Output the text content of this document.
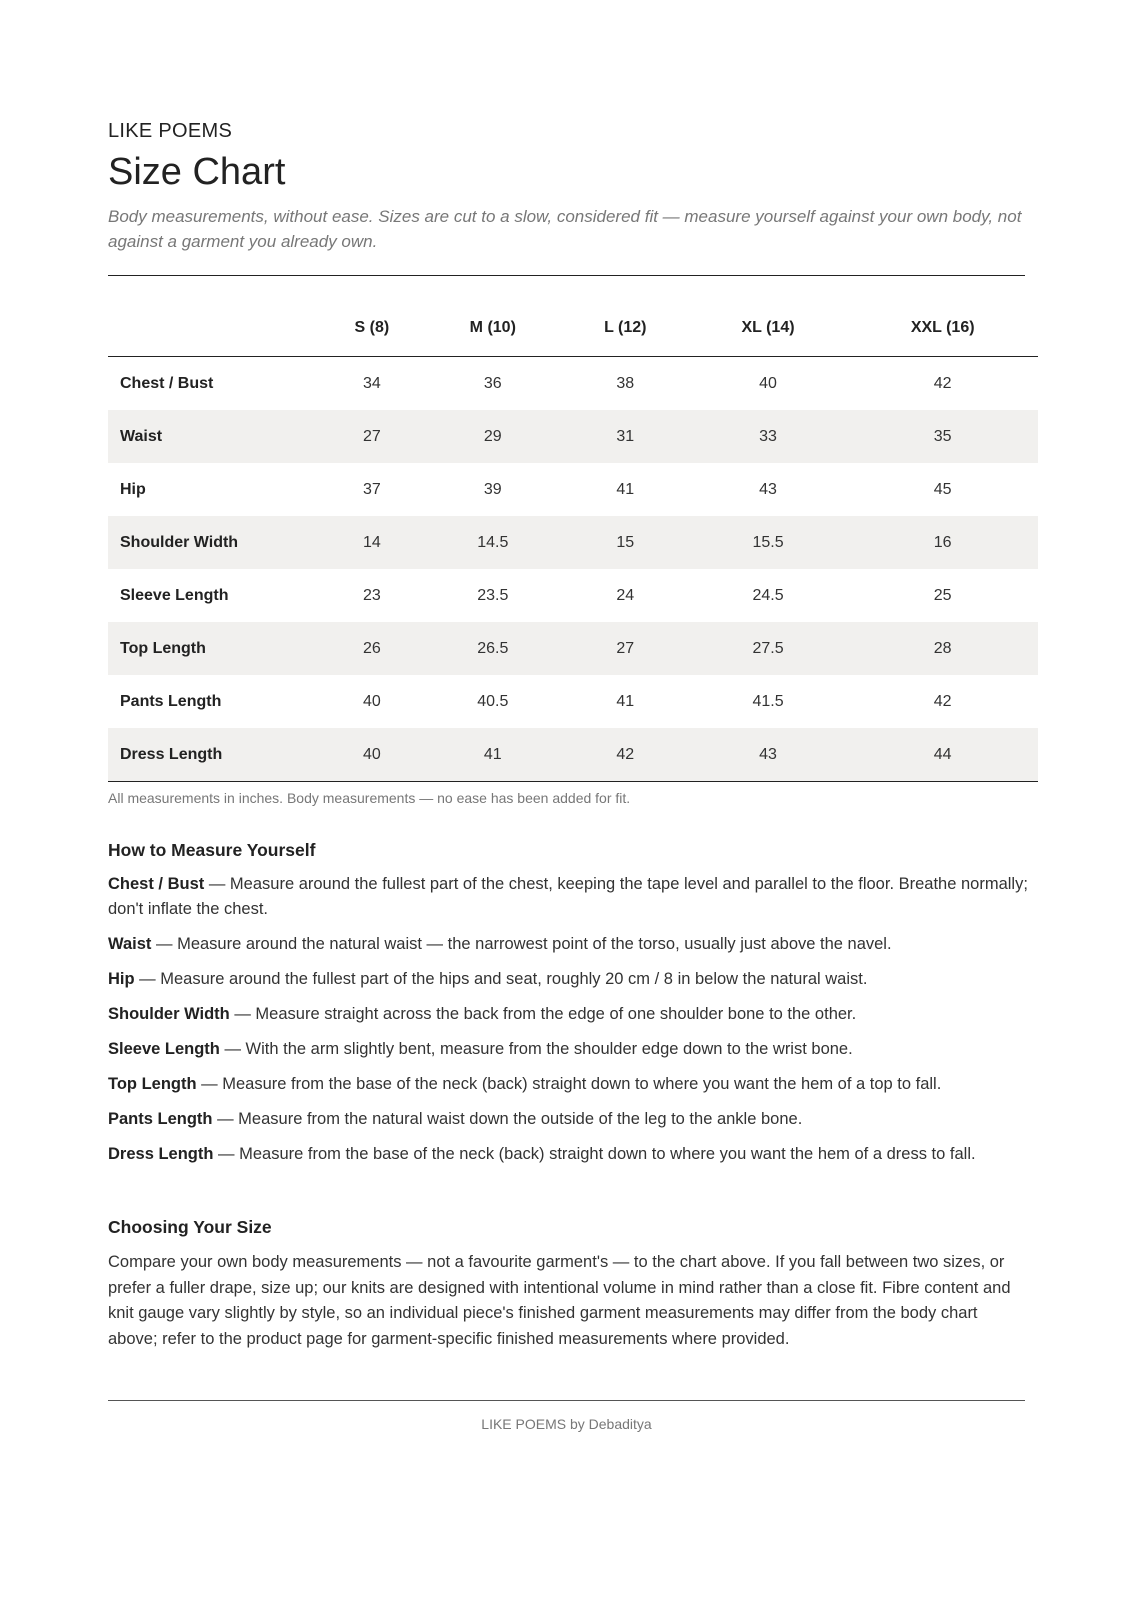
LIKE POEMS
Size Chart

Body measurements, without ease. Sizes are cut to a slow, considered fit — measure yourself against your own body, not against a garment you already own.

	S (8)	M (10)	L (12)	XL (14)	XXL (16)
Chest / Bust	34	36	38	40	42
Waist	27	29	31	33	35
Hip	37	39	41	43	45
Shoulder Width	14	14.5	15	15.5	16
Sleeve Length	23	23.5	24	24.5	25
Top Length	26	26.5	27	27.5	28
Pants Length	40	40.5	41	41.5	42
Dress Length	40	41	42	43	44

All measurements in inches. Body measurements — no ease has been added for fit.

How to Measure Yourself
Chest / Bust — Measure around the fullest part of the chest, keeping the tape level and parallel to the floor. Breathe normally; don't inflate the chest.
Waist — Measure around the natural waist — the narrowest point of the torso, usually just above the navel.
Hip — Measure around the fullest part of the hips and seat, roughly 20 cm / 8 in below the natural waist.
Shoulder Width — Measure straight across the back from the edge of one shoulder bone to the other.
Sleeve Length — With the arm slightly bent, measure from the shoulder edge down to the wrist bone.
Top Length — Measure from the base of the neck (back) straight down to where you want the hem of a top to fall.
Pants Length — Measure from the natural waist down the outside of the leg to the ankle bone.
Dress Length — Measure from the base of the neck (back) straight down to where you want the hem of a dress to fall.
Choosing Your Size

Compare your own body measurements — not a favourite garment's — to the chart above. If you fall between two sizes, or prefer a fuller drape, size up; our knits are designed with intentional volume in mind rather than a close fit. Fibre content and knit gauge vary slightly by style, so an individual piece's finished garment measurements may differ from the body chart above; refer to the product page for garment-specific finished measurements where provided.

LIKE POEMS by Debaditya
